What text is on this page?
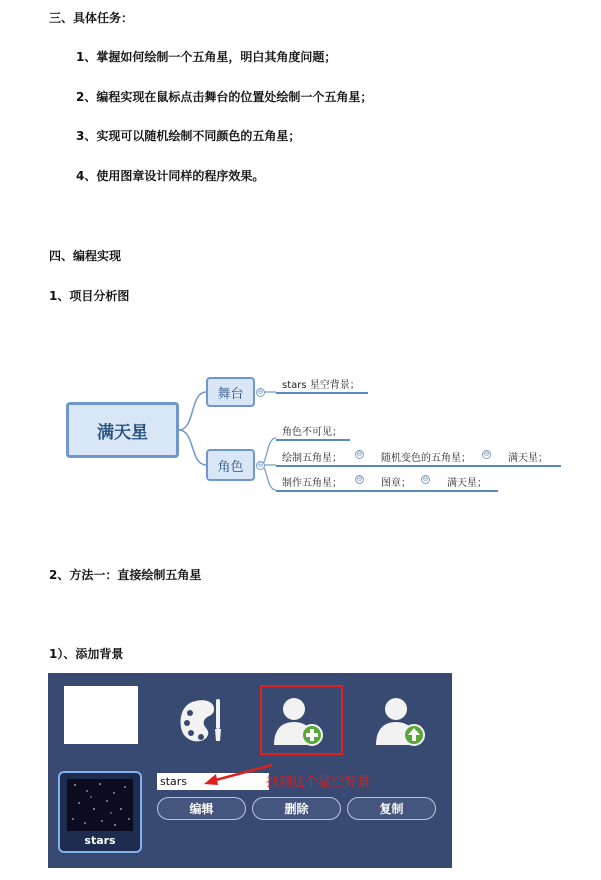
三、具体任务：
1、掌握如何绘制一个五角星，明白其角度问题；
2、编程实现在鼠标点击舞台的位置处绘制一个五角星；
3、实现可以随机绘制不同颜色的五角星；
4、使用图章设计同样的程序效果。
四、编程实现
1、项目分析图
满天星
舞台
角色
⊖
⊖
stars 星空背景；
角色不可见；
绘制五角星； ⊖ 随机变色的五角星； ⊖ 满天星；
制作五角星； ⊖ 图章； ⊖ 满天星；
2、方法一：直接绘制五角星
1）、添加背景
stars
stars
找到这个星空背景
编辑	删除	复制
